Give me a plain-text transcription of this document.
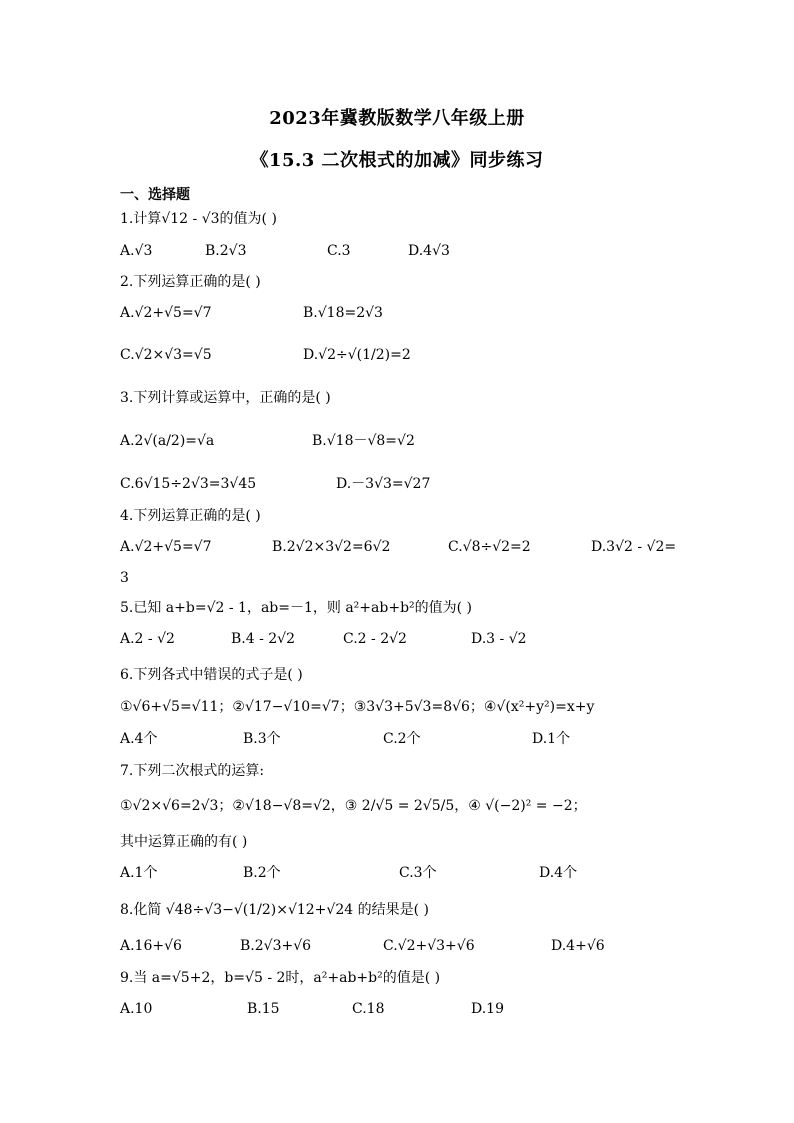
2023年冀教版数学八年级上册
《15.3 二次根式的加减》同步练习
一、选择题
1.计算√12 - √3的值为( )
A.√3	B.2√3	C.3	D.4√3
2.下列运算正确的是( )
A.√2+√5=√7	B.√18=2√3
C.√2×√3=√5	D.√2÷√(1/2)=2
3.下列计算或运算中，正确的是( )
A.2√(a/2)=√a	B.√18－√8=√2
C.6√15÷2√3=3√45	D.－3√3=√27
4.下列运算正确的是( )
A.√2+√5=√7	B.2√2×3√2=6√2	C.√8÷√2=2	D.3√2 - √2=
3
5.已知 a+b=√2 - 1，ab=－1，则 a²+ab+b²的值为( )
A.2 - √2	B.4 - 2√2	C.2 - 2√2	D.3 - √2
6.下列各式中错误的式子是( )
①√6+√5=√11；②√17−√10=√7；③3√3+5√3=8√6；④√(x²+y²)=x+y
A.4个	B.3个	C.2个	D.1个
7.下列二次根式的运算:
①√2×√6=2√3；②√18−√8=√2，③ 2/√5 = 2√5/5，④ √(−2)² = −2；
其中运算正确的有( )
A.1个	B.2个	C.3个	D.4个
8.化简 √48÷√3−√(1/2)×√12+√24 的结果是( )
A.16+√6	B.2√3+√6	C.√2+√3+√6	D.4+√6
9.当 a=√5+2，b=√5 - 2时，a²+ab+b²的值是( )
A.10	B.15	C.18	D.19
